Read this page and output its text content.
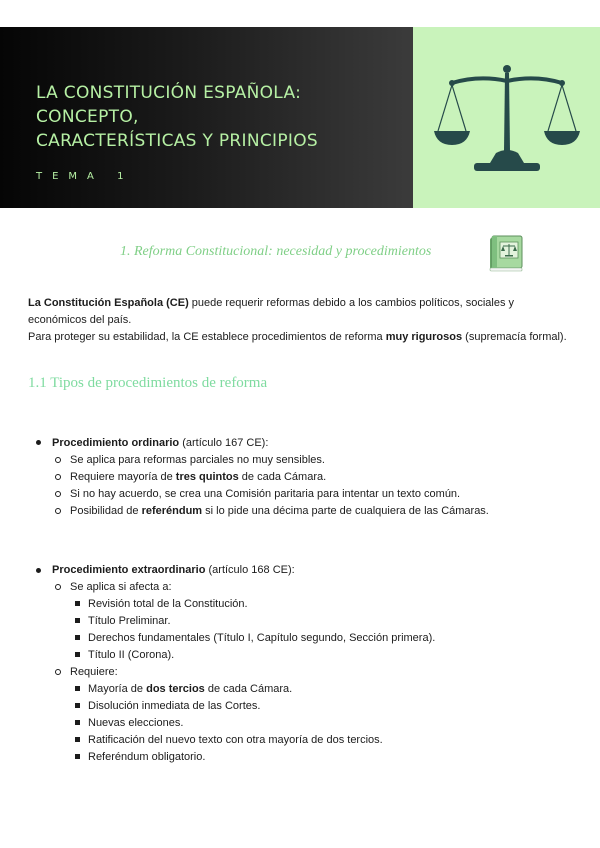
LA CONSTITUCIÓN ESPAÑOLA: CONCEPTO,
CARACTERÍSTICAS Y PRINCIPIOS
TEMA 1
1. Reforma Constitucional: necesidad y procedimientos

La Constitución Española (CE) puede requerir reformas debido a los cambios políticos, sociales y económicos del país.

Para proteger su estabilidad, la CE establece procedimientos de reforma muy rigurosos (supremacía formal).

1.1 Tipos de procedimientos de reforma
Procedimiento ordinario (artículo 167 CE):
Se aplica para reformas parciales no muy sensibles.
Requiere mayoría de tres quintos de cada Cámara.
Si no hay acuerdo, se crea una Comisión paritaria para intentar un texto común.
Posibilidad de referéndum si lo pide una décima parte de cualquiera de las Cámaras.
Procedimiento extraordinario (artículo 168 CE):
Se aplica si afecta a:
Revisión total de la Constitución.
Título Preliminar.
Derechos fundamentales (Título I, Capítulo segundo, Sección primera).
Título II (Corona).
Requiere:
Mayoría de dos tercios de cada Cámara.
Disolución inmediata de las Cortes.
Nuevas elecciones.
Ratificación del nuevo texto con otra mayoría de dos tercios.
Referéndum obligatorio.
